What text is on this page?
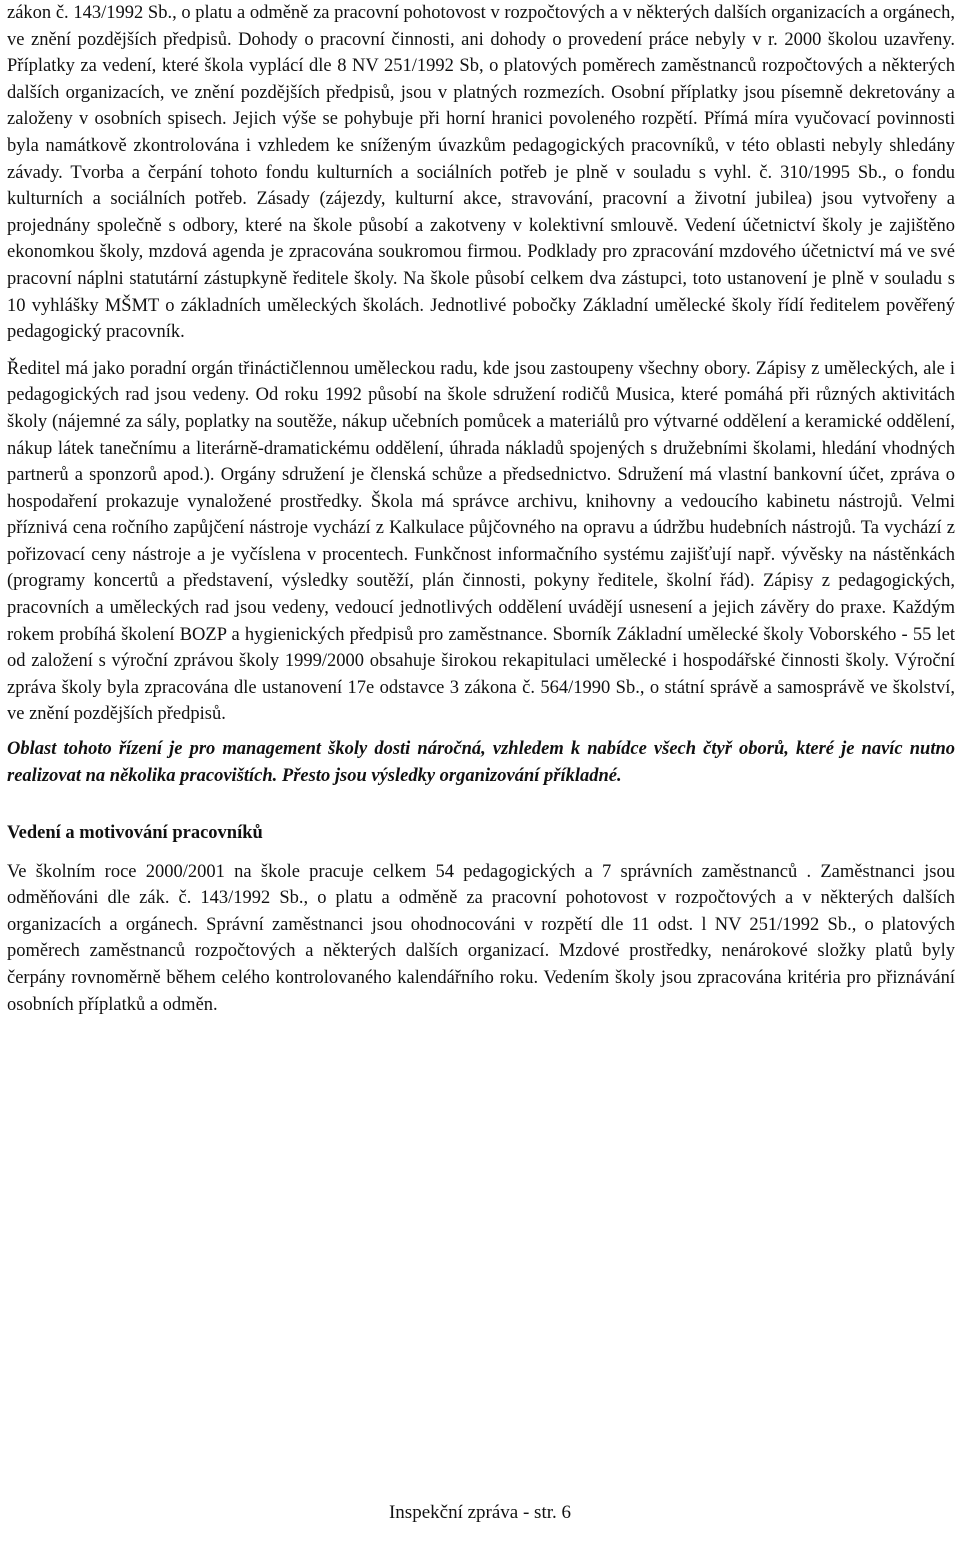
zákon č. 143/1992 Sb., o platu a odměně za pracovní pohotovost v rozpočtových a v některých dalších organizacích a orgánech, ve znění pozdějších předpisů. Dohody o pracovní činnosti, ani dohody o provedení práce nebyly v r. 2000 školou uzavřeny. Příplatky za vedení, které škola vyplácí dle 8 NV 251/1992 Sb, o platových poměrech zaměstnanců rozpočtových a některých dalších organizacích, ve znění pozdějších předpisů, jsou v platných rozmezích. Osobní příplatky jsou písemně dekretovány a založeny v osobních spisech. Jejich výše se pohybuje při horní hranici povoleného rozpětí. Přímá míra vyučovací povinnosti byla namátkově zkontrolována i vzhledem ke sníženým úvazkům pedagogických pracovníků, v této oblasti nebyly shledány závady. Tvorba a čerpání tohoto fondu kulturních a sociálních potřeb je plně v souladu s vyhl. č. 310/1995 Sb., o fondu kulturních a sociálních potřeb. Zásady (zájezdy, kulturní akce, stravování, pracovní a životní jubilea) jsou vytvořeny a projednány společně s odbory, které na škole působí a zakotveny v kolektivní smlouvě. Vedení účetnictví školy je zajištěno ekonomkou školy, mzdová agenda je zpracována soukromou firmou. Podklady pro zpracování mzdového účetnictví má ve své pracovní náplni statutární zástupkyně ředitele školy. Na škole působí celkem dva zástupci, toto ustanovení je plně v souladu s 10 vyhlášky MŠMT o základních uměleckých školách. Jednotlivé pobočky Základní umělecké školy řídí ředitelem pověřený pedagogický pracovník.

Ředitel má jako poradní orgán třináctičlennou uměleckou radu, kde jsou zastoupeny všechny obory. Zápisy z uměleckých, ale i pedagogických rad jsou vedeny. Od roku 1992 působí na škole sdružení rodičů Musica, které pomáhá při různých aktivitách školy (nájemné za sály, poplatky na soutěže, nákup učebních pomůcek a materiálů pro výtvarné oddělení a keramické oddělení, nákup látek tanečnímu a literárně-dramatickému oddělení, úhrada nákladů spojených s družebními školami, hledání vhodných partnerů a sponzorů apod.). Orgány sdružení je členská schůze a předsednictvo. Sdružení má vlastní bankovní účet, zpráva o hospodaření prokazuje vynaložené prostředky. Škola má správce archivu, knihovny a vedoucího kabinetu nástrojů. Velmi příznivá cena ročního zapůjčení nástroje vychází z Kalkulace půjčovného na opravu a údržbu hudebních nástrojů. Ta vychází z pořizovací ceny nástroje a je vyčíslena v procentech. Funkčnost informačního systému zajišťují např. vývěsky na nástěnkách (programy koncertů a představení, výsledky soutěží, plán činnosti, pokyny ředitele, školní řád). Zápisy z pedagogických, pracovních a uměleckých rad jsou vedeny, vedoucí jednotlivých oddělení uvádějí usnesení a jejich závěry do praxe. Každým rokem probíhá školení BOZP a hygienických předpisů pro zaměstnance. Sborník Základní umělecké školy Voborského - 55 let od založení s výroční zprávou školy 1999/2000 obsahuje širokou rekapitulaci umělecké i hospodářské činnosti školy. Výroční zpráva školy byla zpracována dle ustanovení 17e odstavce 3 zákona č. 564/1990 Sb., o státní správě a samosprávě ve školství, ve znění pozdějších předpisů.

Oblast tohoto řízení je pro management školy dosti náročná, vzhledem k nabídce všech čtyř oborů, které je navíc nutno realizovat na několika pracovištích. Přesto jsou výsledky organizování příkladné.

Vedení a motivování pracovníků

Ve školním roce 2000/2001 na škole pracuje celkem 54 pedagogických a 7 správních zaměstnanců . Zaměstnanci jsou odměňováni dle zák. č. 143/1992 Sb., o platu a odměně za pracovní pohotovost v rozpočtových a v některých dalších organizacích a orgánech. Správní zaměstnanci jsou ohodnocováni v rozpětí dle 11 odst. l NV 251/1992 Sb., o platových poměrech zaměstnanců rozpočtových a některých dalších organizací. Mzdové prostředky, nenárokové složky platů byly čerpány rovnoměrně během celého kontrolovaného kalendářního roku. Vedením školy jsou zpracována kritéria pro přiznávání osobních příplatků a odměn.

Inspekční zpráva - str. 6
